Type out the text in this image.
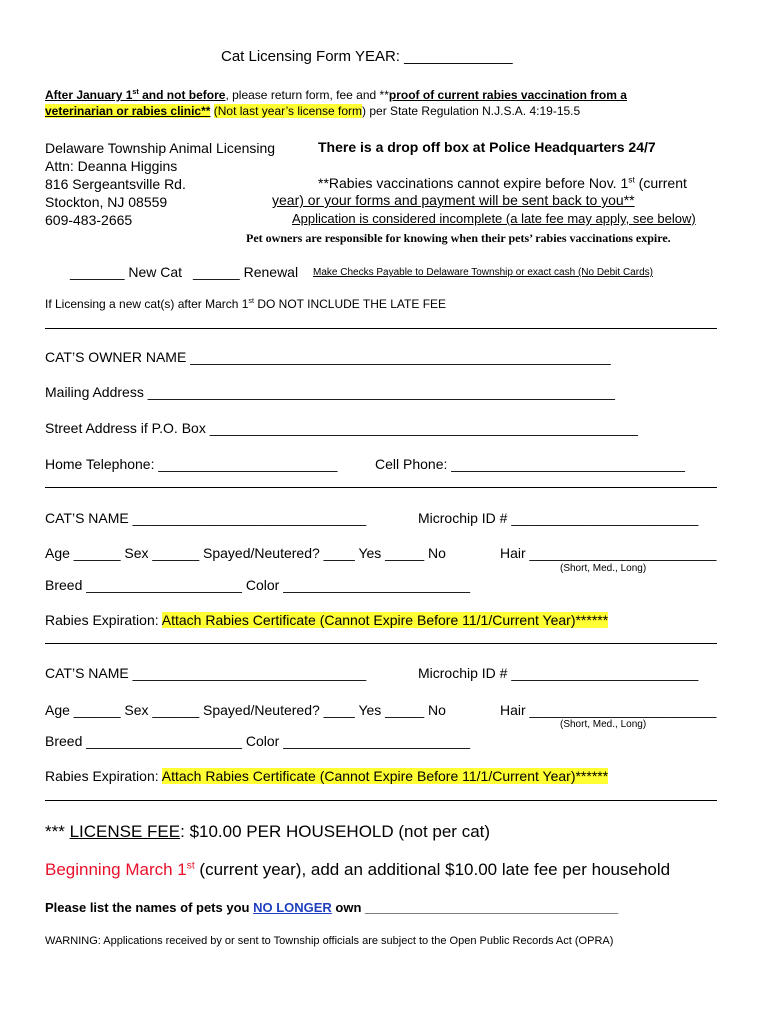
Cat Licensing Form YEAR: _____________
After January 1st and not before, please return form, fee and **proof of current rabies vaccination from a
veterinarian or rabies clinic** (Not last year’s license form) per State Regulation N.J.S.A. 4:19-15.5
Delaware Township Animal Licensing
Attn: Deanna Higgins
816 Sergeantsville Rd.
Stockton, NJ 08559
609-483-2665
There is a drop off box at Police Headquarters 24/7
**Rabies vaccinations cannot expire before Nov. 1st (current
year) or your forms and payment will be sent back to you**
Application is considered incomplete (a late fee may apply, see below)
Pet owners are responsible for knowing when their pets’ rabies vaccinations expire.
_______ New Cat ______ Renewal Make Checks Payable to Delaware Township or exact cash (No Debit Cards)
If Licensing a new cat(s) after March 1st DO NOT INCLUDE THE LATE FEE
CAT’S OWNER NAME ______________________________________________________
Mailing Address ____________________________________________________________
Street Address if P.O. Box _______________________________________________________
Home Telephone: _______________________	Cell Phone: ______________________________
CAT’S NAME ______________________________	Microchip ID # ________________________
Age ______ Sex ______ Spayed/Neutered? ____ Yes _____ No	Hair ________________________
(Short, Med., Long)
Breed ____________________ Color ________________________
Rabies Expiration: Attach Rabies Certificate (Cannot Expire Before 11/1/Current Year)******
CAT’S NAME ______________________________	Microchip ID # ________________________
Age ______ Sex ______ Spayed/Neutered? ____ Yes _____ No	Hair ________________________
(Short, Med., Long)
Breed ____________________ Color ________________________
Rabies Expiration: Attach Rabies Certificate (Cannot Expire Before 11/1/Current Year)******
*** LICENSE FEE: $10.00 PER HOUSEHOLD (not per cat)
Beginning March 1st (current year), add an additional $10.00 late fee per household
Please list the names of pets you NO LONGER own ___________________________________
WARNING: Applications received by or sent to Township officials are subject to the Open Public Records Act (OPRA)
